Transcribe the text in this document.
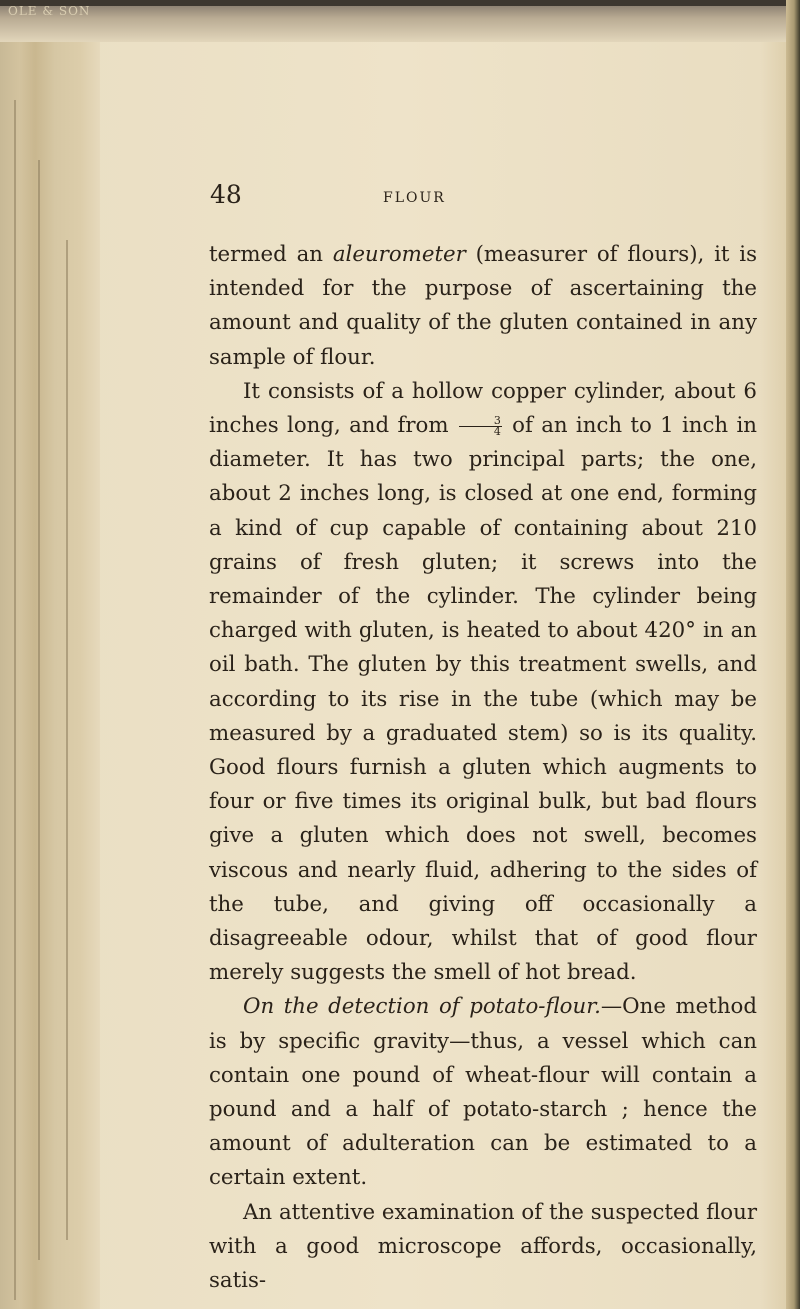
OLE & SON
48	FLOUR

termed an aleurometer (measurer of flours), it is intended for the purpose of ascertaining the amount and quality of the gluten contained in any sample of flour.

It consists of a hollow copper cylinder, about 6 inches long, and from $\frac{3}{4}$ of an inch to 1 inch in diameter. It has two principal parts; the one, about 2 inches long, is closed at one end, forming a kind of cup capable of containing about 210 grains of fresh gluten; it screws into the remainder of the cylinder. The cylinder being charged with gluten, is heated to about 420° in an oil bath. The gluten by this treatment swells, and according to its rise in the tube (which may be measured by a graduated stem) so is its quality. Good flours furnish a gluten which augments to four or five times its original bulk, but bad flours give a gluten which does not swell, becomes viscous and nearly fluid, adhering to the sides of the tube, and giving off occasionally a disagreeable odour, whilst that of good flour merely suggests the smell of hot bread.

On the detection of potato-flour.—One method is by specific gravity—thus, a vessel which can contain one pound of wheat-flour will contain a pound and a half of potato-starch ; hence the amount of adulteration can be estimated to a certain extent.

An attentive examination of the suspected flour with a good microscope affords, occasionally, satis-
